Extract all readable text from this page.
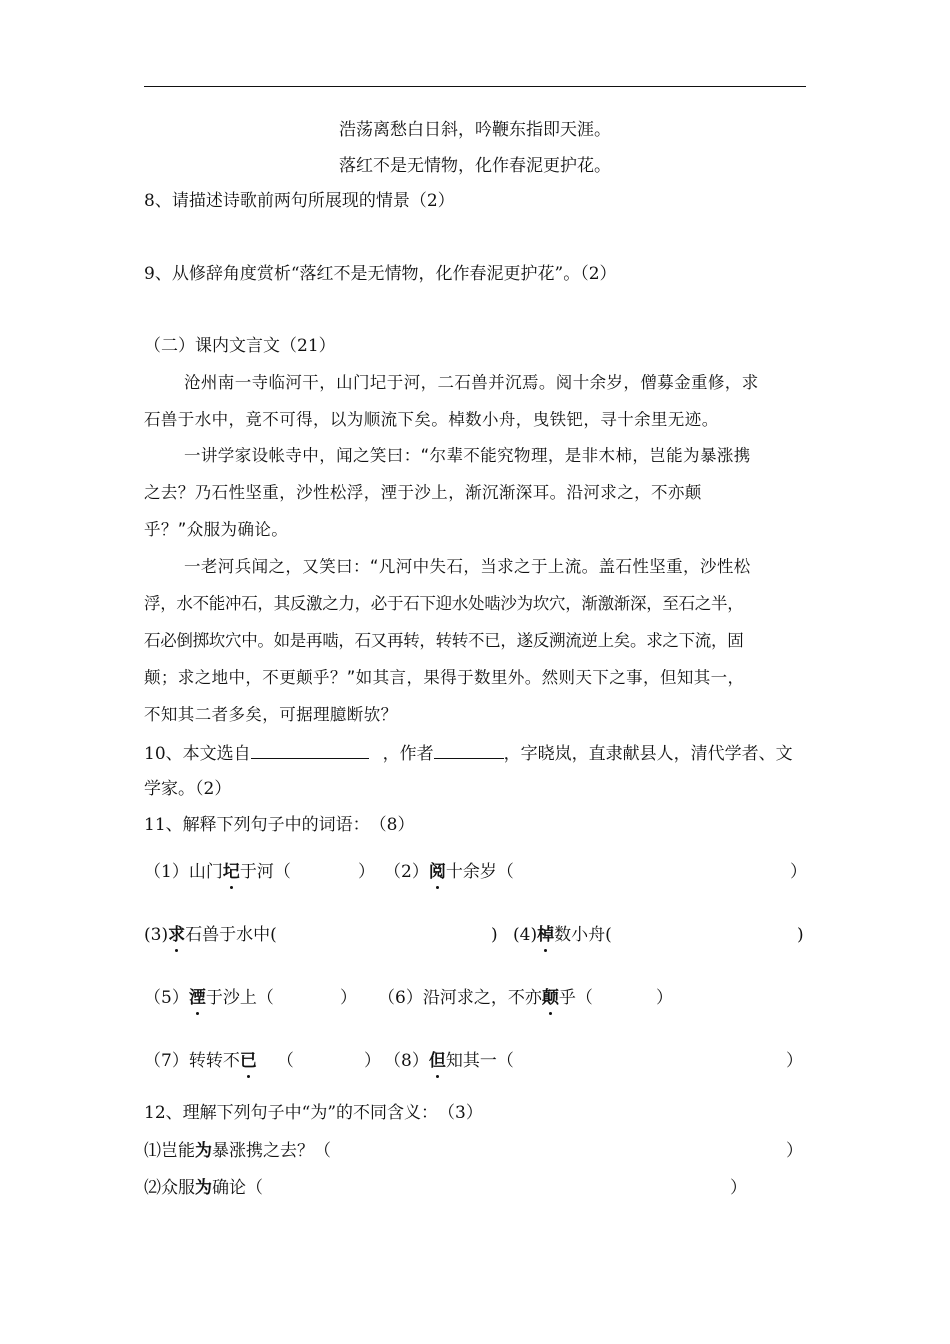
浩荡离愁白日斜，吟鞭东指即天涯。
落红不是无情物，化作春泥更护花。
8、请描述诗歌前两句所展现的情景（2）
9、从修辞角度赏析“落红不是无情物，化作春泥更护花”。（2）
（二）课内文言文（21）
沧州南一寺临河干，山门圮于河，二石兽并沉焉。阅十余岁，僧募金重修，求
石兽于水中，竟不可得，以为顺流下矣。棹数小舟，曳铁钯，寻十余里无迹。
一讲学家设帐寺中，闻之笑曰：“尔辈不能究物理，是非木柿，岂能为暴涨携
之去？乃石性坚重，沙性松浮，湮于沙上，渐沉渐深耳。沿河求之，不亦颠
乎？”众服为确论。
一老河兵闻之，又笑曰：“凡河中失石，当求之于上流。盖石性坚重，沙性松
浮，水不能冲石，其反激之力，必于石下迎水处啮沙为坎穴，渐激渐深，至石之半，
石必倒掷坎穴中。如是再啮，石又再转，转转不已，遂反溯流逆上矣。求之下流，固
颠；求之地中，不更颠乎？”如其言，果得于数里外。然则天下之事，但知其一，
不知其二者多矣，可据理臆断欤？
10、本文选自	，作者	，字晓岚，直隶献县人，清代学者、文
学家。（2）
11、解释下列句子中的词语：　（8）
（1）山门圮于河（	） （2）阅十余岁（	）
(3)求石兽于水中(	) (4)棹数小舟(	)
（5）湮于沙上（	） （6）沿河求之，不亦颠乎（	）
（7）转转不已 （	） （8）但知其一（	）
12、理解下列句子中“为”的不同含义：　（3）
⑴岂能为暴涨携之去？（	）
⑵众服为确论（	）
